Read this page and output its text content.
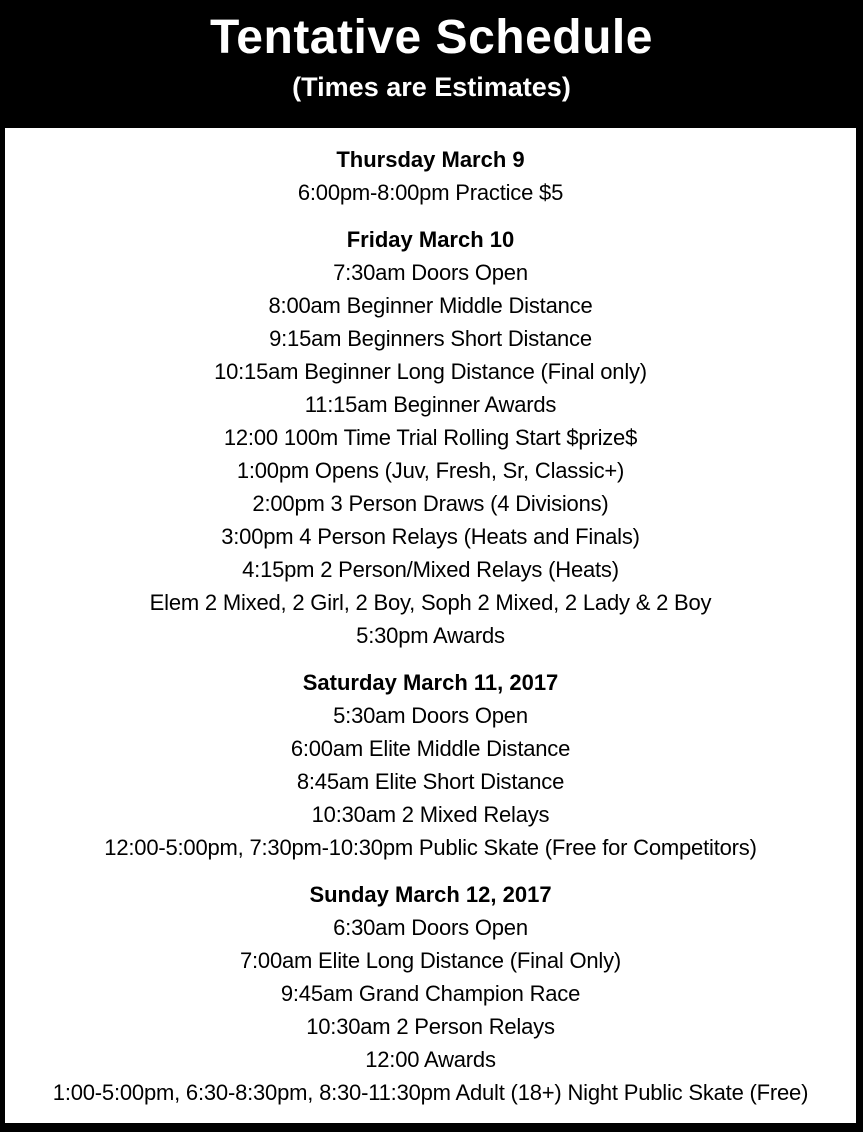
Tentative Schedule
(Times are Estimates)
Thursday March 9

6:00pm-8:00pm Practice $5

Friday March 10

7:30am Doors Open

8:00am Beginner Middle Distance

9:15am Beginners Short Distance

10:15am Beginner Long Distance (Final only)

11:15am Beginner Awards

12:00 100m Time Trial Rolling Start $prize$

1:00pm Opens (Juv, Fresh, Sr, Classic+)

2:00pm 3 Person Draws (4 Divisions)

3:00pm 4 Person Relays (Heats and Finals)

4:15pm 2 Person/Mixed Relays (Heats)

Elem 2 Mixed, 2 Girl, 2 Boy, Soph 2 Mixed, 2 Lady & 2 Boy

5:30pm Awards

Saturday March 11, 2017

5:30am Doors Open

6:00am Elite Middle Distance

8:45am Elite Short Distance

10:30am 2 Mixed Relays

12:00-5:00pm, 7:30pm-10:30pm Public Skate (Free for Competitors)

Sunday March 12, 2017

6:30am Doors Open

7:00am Elite Long Distance (Final Only)

9:45am Grand Champion Race

10:30am 2 Person Relays

12:00 Awards

1:00-5:00pm, 6:30-8:30pm, 8:30-11:30pm Adult (18+) Night Public Skate (Free)
